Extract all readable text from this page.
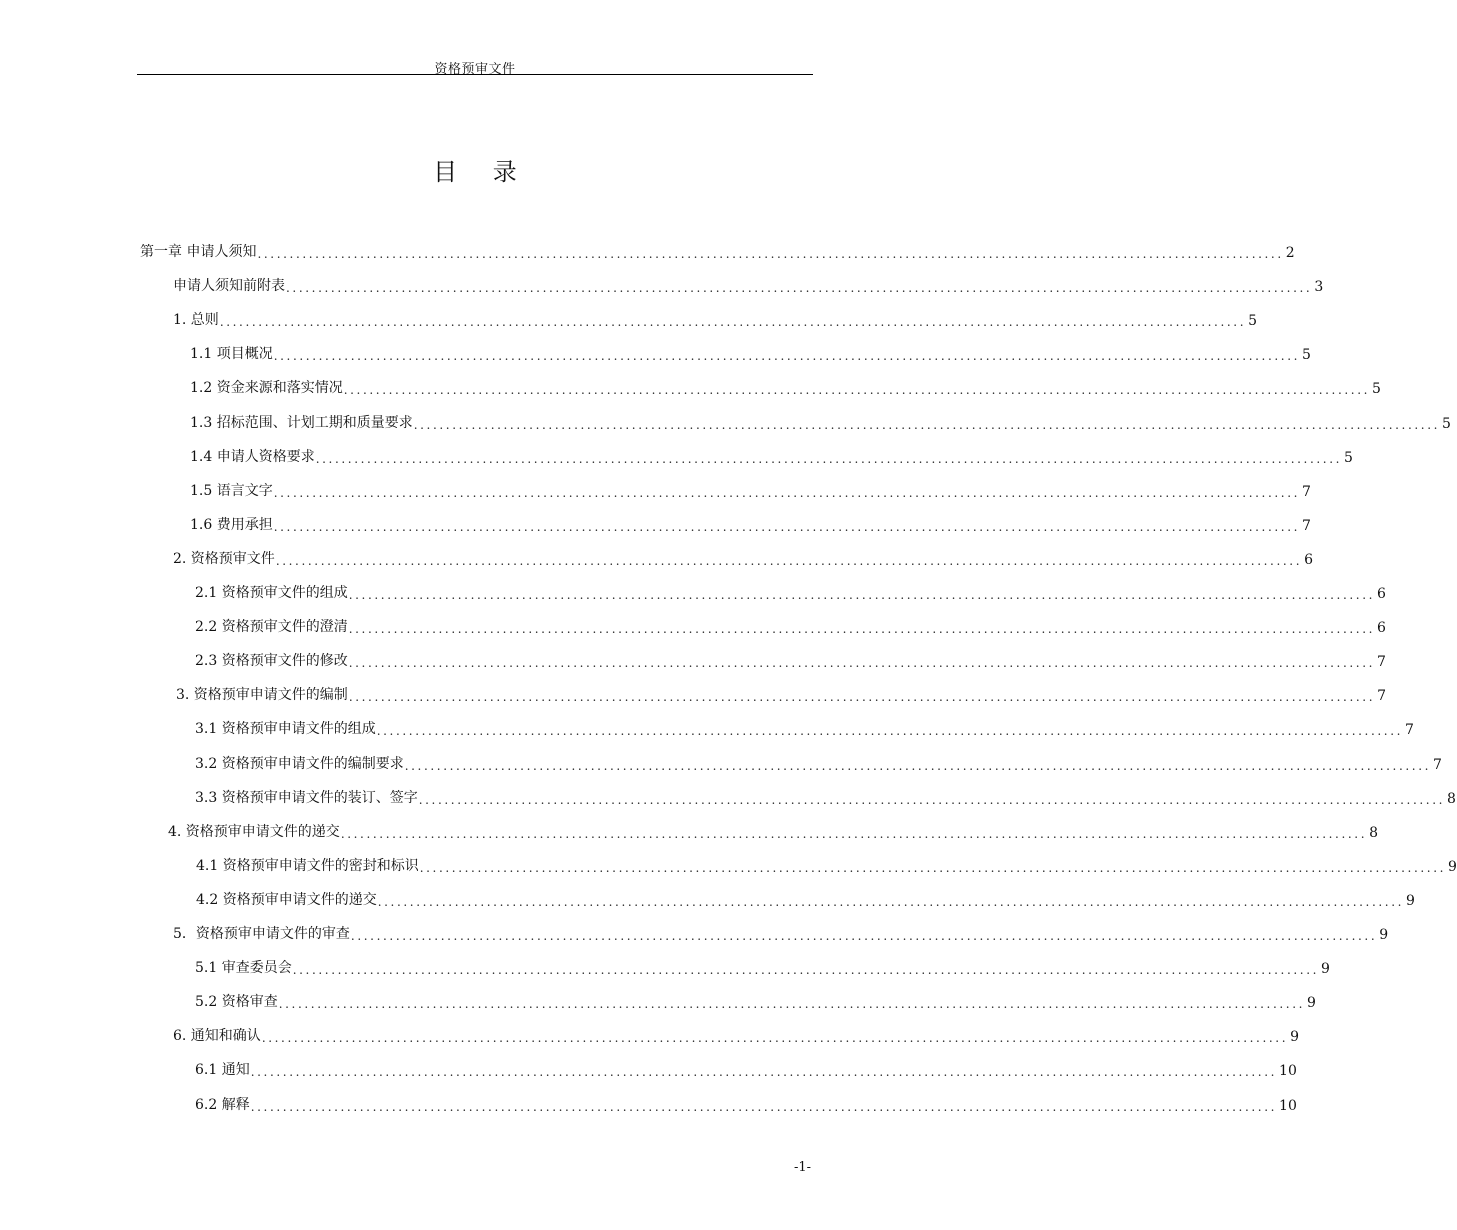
资格预审文件
目 录
第一章 申请人须知 ................................................................................................................................................................ 2
申请人须知前附表 ................................................................................................................................................................ 3
1. 总则 ................................................................................................................................................................ 5
1.1 项目概况 ................................................................................................................................................................ 5
1.2 资金来源和落实情况 ................................................................................................................................................................ 5
1.3 招标范围、计划工期和质量要求 ................................................................................................................................................................ 5
1.4 申请人资格要求 ................................................................................................................................................................ 5
1.5 语言文字 ................................................................................................................................................................ 7
1.6 费用承担 ................................................................................................................................................................ 7
2. 资格预审文件 ................................................................................................................................................................ 6
2.1 资格预审文件的组成 ................................................................................................................................................................ 6
2.2 资格预审文件的澄清 ................................................................................................................................................................ 6
2.3 资格预审文件的修改 ................................................................................................................................................................ 7
3. 资格预审申请文件的编制 ................................................................................................................................................................ 7
3.1 资格预审申请文件的组成 ................................................................................................................................................................ 7
3.2 资格预审申请文件的编制要求 ................................................................................................................................................................ 7
3.3 资格预审申请文件的装订、签字 ................................................................................................................................................................ 8
4. 资格预审申请文件的递交 ................................................................................................................................................................ 8
4.1 资格预审申请文件的密封和标识 ................................................................................................................................................................ 9
4.2 资格预审申请文件的递交 ................................................................................................................................................................ 9
5．资格预审申请文件的审查 ................................................................................................................................................................ 9
5.1 审查委员会 ................................................................................................................................................................ 9
5.2 资格审查 ................................................................................................................................................................ 9
6. 通知和确认 ................................................................................................................................................................ 9
6.1 通知 ................................................................................................................................................................ 10
6.2 解释 ................................................................................................................................................................ 10
-1-
